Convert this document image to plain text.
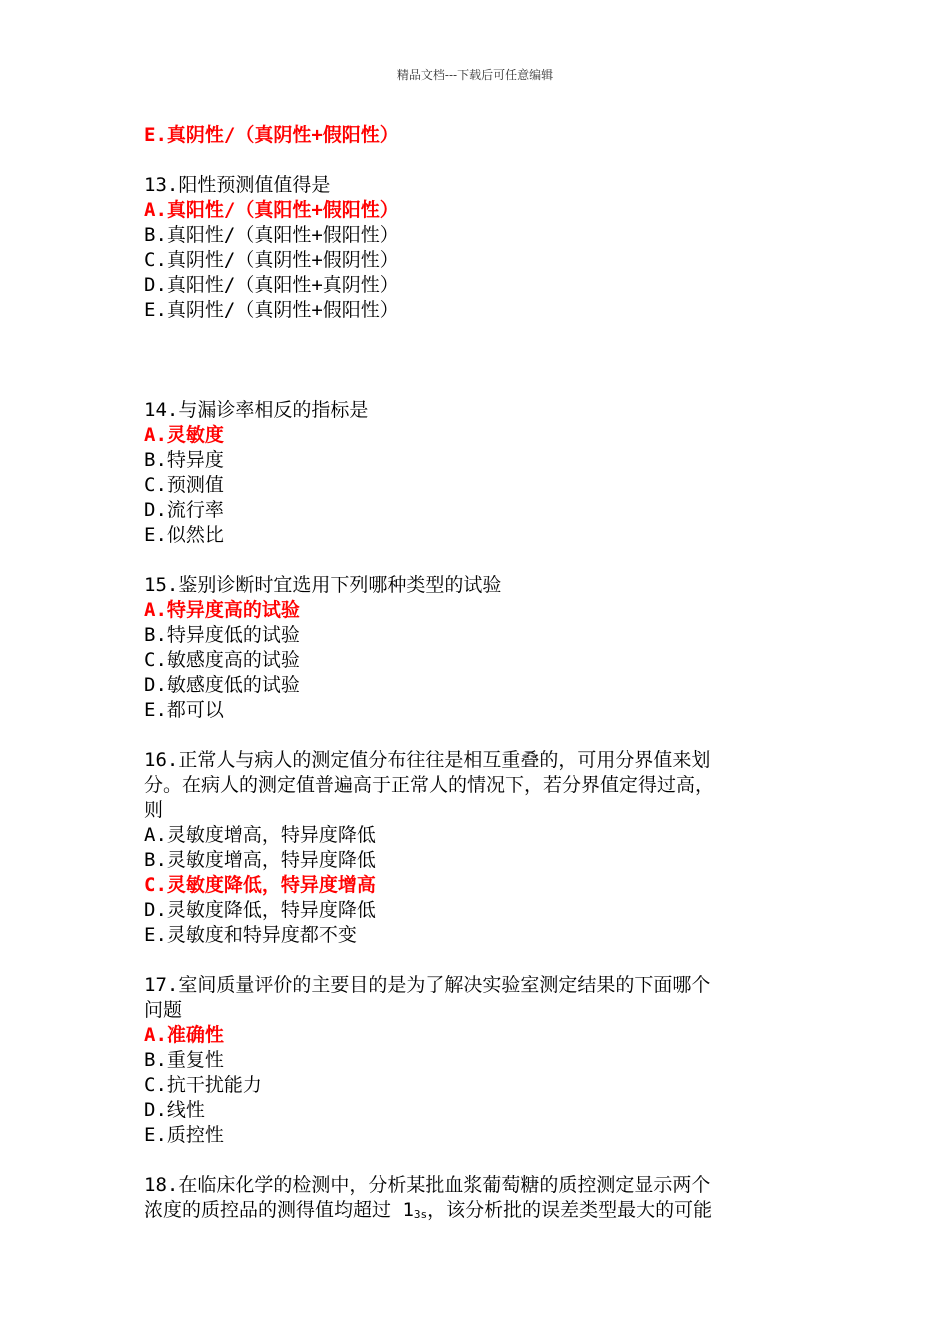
精品文档---下载后可任意编辑
E.真阴性/（真阴性+假阳性）
13.阳性预测值值得是
A.真阳性/（真阳性+假阳性）
B.真阳性/（真阳性+假阳性）
C.真阴性/（真阴性+假阴性）
D.真阳性/（真阳性+真阴性）
E.真阴性/（真阴性+假阳性）
14.与漏诊率相反的指标是
A.灵敏度
B.特异度
C.预测值
D.流行率
E.似然比
15.鉴别诊断时宜选用下列哪种类型的试验
A.特异度高的试验
B.特异度低的试验
C.敏感度高的试验
D.敏感度低的试验
E.都可以
16.正常人与病人的测定值分布往往是相互重叠的，可用分界值来划
分。在病人的测定值普遍高于正常人的情况下，若分界值定得过高，
则
A.灵敏度增高，特异度降低
B.灵敏度增高，特异度降低
C.灵敏度降低，特异度增高
D.灵敏度降低，特异度降低
E.灵敏度和特异度都不变
17.室间质量评价的主要目的是为了解决实验室测定结果的下面哪个
问题
A.准确性
B.重复性
C.抗干扰能力
D.线性
E.质控性
18.在临床化学的检测中，分析某批血浆葡萄糖的质控测定显示两个
浓度的质控品的测得值均超过 $1_{3s}$，该分析批的误差类型最大的可能
